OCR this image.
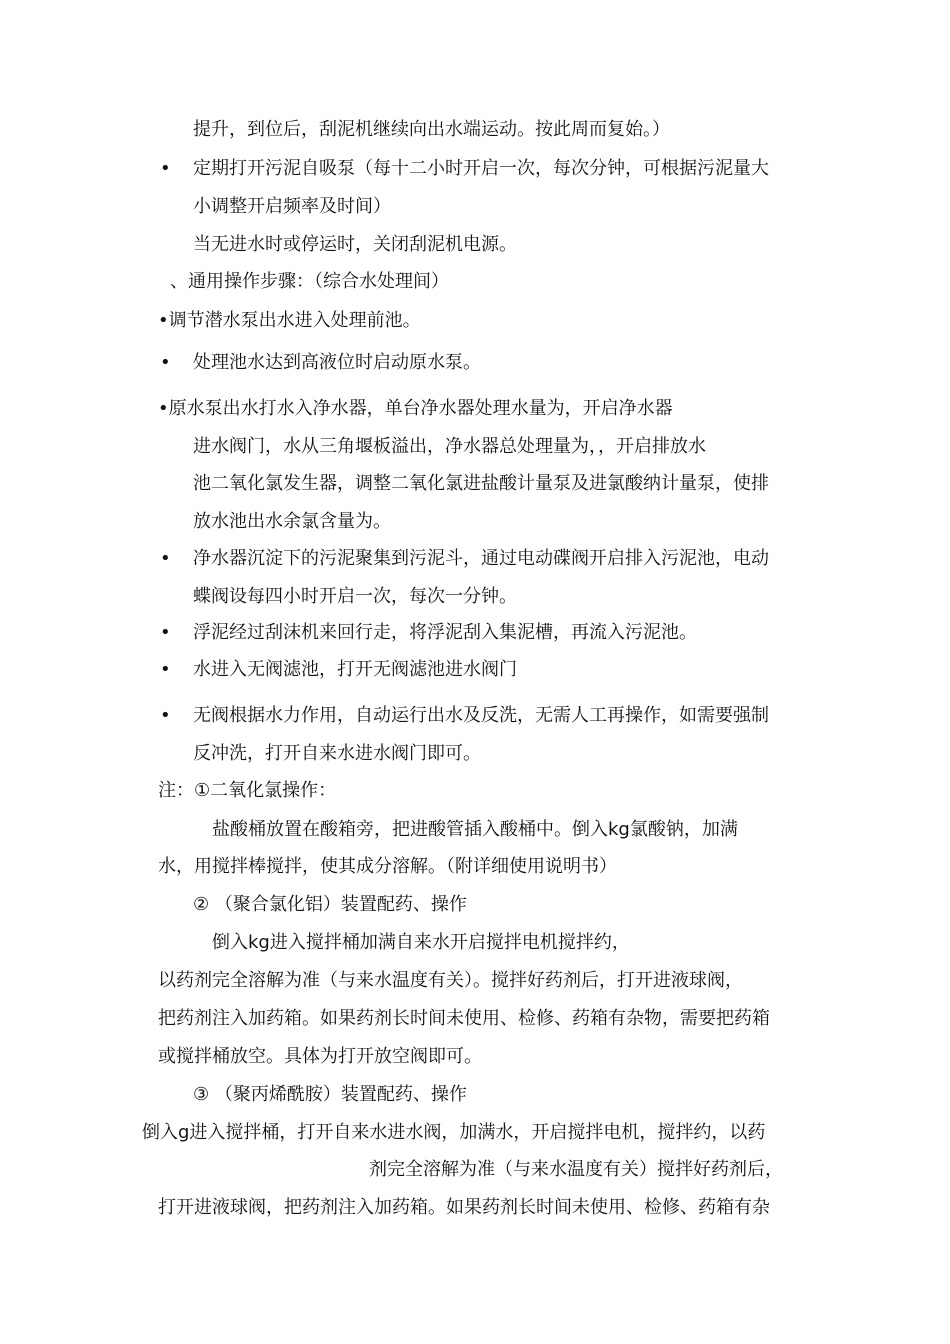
提升，到位后，刮泥机继续向出水端运动。按此周而复始。）
• 定期打开污泥自吸泵（每十二小时开启一次，每次分钟，可根据污泥量大
小调整开启频率及时间）
当无进水时或停运时，关闭刮泥机电源。
、通用操作步骤：（综合水处理间）
•调节潜水泵出水进入处理前池。
• 处理池水达到高液位时启动原水泵。
•原水泵出水打水入净水器，单台净水器处理水量为，开启净水器
进水阀门，水从三角堰板溢出，净水器总处理量为，，开启排放水
池二氧化氯发生器，调整二氧化氯进盐酸计量泵及进氯酸纳计量泵，使排
放水池出水余氯含量为。
• 净水器沉淀下的污泥聚集到污泥斗，通过电动碟阀开启排入污泥池，电动
蝶阀设每四小时开启一次，每次一分钟。
• 浮泥经过刮沫机来回行走，将浮泥刮入集泥槽，再流入污泥池。
• 水进入无阀滤池，打开无阀滤池进水阀门
• 无阀根据水力作用，自动运行出水及反洗，无需人工再操作，如需要强制
反冲洗，打开自来水进水阀门即可。
注：①二氧化氯操作：
盐酸桶放置在酸箱旁，把进酸管插入酸桶中。倒入kg氯酸钠，加满
水，用搅拌棒搅拌，使其成分溶解。（附详细使用说明书）
② （聚合氯化铝）装置配药、操作
倒入kg进入搅拌桶加满自来水开启搅拌电机搅拌约，
以药剂完全溶解为准（与来水温度有关）。搅拌好药剂后，打开进液球阀，
把药剂注入加药箱。如果药剂长时间未使用、检修、药箱有杂物，需要把药箱
或搅拌桶放空。具体为打开放空阀即可。
③ （聚丙烯酰胺）装置配药、操作
倒入g进入搅拌桶，打开自来水进水阀，加满水，开启搅拌电机，搅拌约，以药
剂完全溶解为准（与来水温度有关）搅拌好药剂后，
打开进液球阀，把药剂注入加药箱。如果药剂长时间未使用、检修、药箱有杂
